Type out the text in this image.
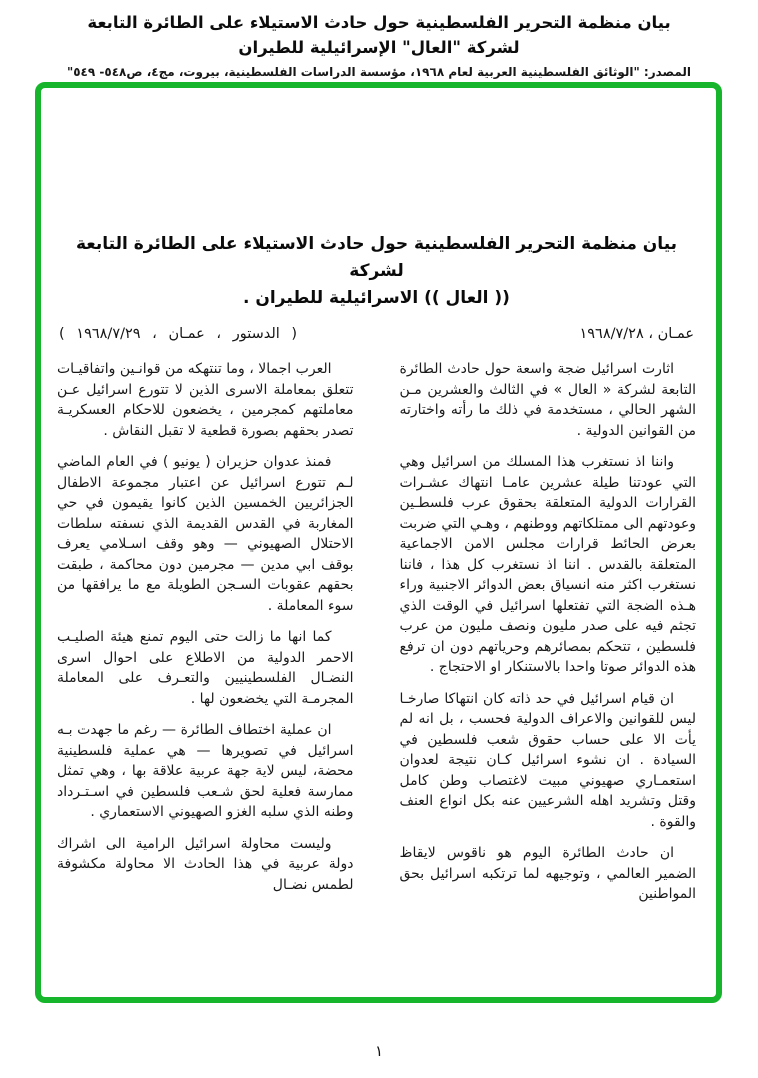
بيان منظمة التحرير الفلسطينية حول حادث الاستيلاء على الطائرة التابعة لشركة "العال" الإسرائيلية للطيران
المصدر: "الوثائق الفلسطينية العربية لعام ١٩٦٨، مؤسسة الدراسات الفلسطينية، بيروت، مج٤، ص٥٤٨- ٥٤٩"
بيان منظمة التحرير الفلسطينية حول حادث الاستيلاء على الطائرة التابعة لشركة
(( العال )) الاسرائيلية للطيران .
عمـان ، ١٩٦٨/٧/٢٨
( الدستور ، عمـان ، ١٩٦٨/٧/٢٩ )

اثارت اسرائيل ضجة واسعة حول حادث الطائرة التابعة لشركة « العال » في الثالث والعشرين مـن الشهر الحالي ، مستخدمة في ذلك ما رأته واختارته من القوانين الدولية .

واننا اذ نستغرب هذا المسلك من اسرائيل وهي التي عودتنا طيلة عشرين عامـا انتهاك عشـرات القرارات الدولية المتعلقة بحقوق عرب فلسطـين وعودتهم الى ممتلكاتهم ووطنهم ، وهـي التي ضربت بعرض الحائط قرارات مجلس الامن الاجماعية المتعلقة بالقدس . اننا اذ نستغرب كل هذا ، فاننا نستغرب اكثر منه انسياق بعض الدوائر الاجنبية وراء هـذه الضجة التي تفتعلها اسرائيل في الوقت الذي تجثم فيه على صدر مليون ونصف مليون من عرب فلسطين ، تتحكم بمصائرهم وحرياتهم دون ان ترفع هذه الدوائر صوتا واحدا بالاستنكار او الاحتجاج .

ان قيام اسرائيل في حد ذاته كان انتهاكا صارخـا ليس للقوانين والاعراف الدولية فحسب ، بل انه لم يأت الا على حساب حقوق شعب فلسطين في السيادة . ان نشوء اسرائيل كـان نتيجة لعدوان استعمـاري صهيوني مبيت لاغتصاب وطن كامل وقتل وتشريد اهله الشرعيين عنه بكل انواع العنف والقوة .

ان حادث الطائرة اليوم هو ناقوس لايقاظ الضمير العالمي ، وتوجيهه لما ترتكبه اسرائيل بحق المواطنين

العرب اجمالا ، وما تنتهكه من قوانـين واتفاقيـات تتعلق بمعاملة الاسرى الذين لا تتورع اسرائيل عـن معاملتهم كمجرمين ، يخضعون للاحكام العسكريـة تصدر بحقهم بصورة قطعية لا تقبل النقاش .

فمنذ عدوان حزيران ( يونيو ) في العام الماضي لـم تتورع اسرائيل عن اعتبار مجموعة الاطفال الجزائريين الخمسين الذين كانوا يقيمون في حي المغاربة في القدس القديمة الذي نسفته سلطات الاحتلال الصهيوني — وهو وقف اسـلامي يعرف بوقف ابي مدين — مجرمين دون محاكمة ، طبقت بحقهم عقوبات السـجن الطويلة مع ما يرافقها من سوء المعاملة .

كما انها ما زالت حتى اليوم تمنع هيئة الصليـب الاحمر الدولية من الاطلاع على احوال اسرى النضـال الفلسطينيين والتعـرف على المعاملة المجرمـة التي يخضعون لها .

ان عملية اختطاف الطائرة — رغم ما جهدت بـه اسرائيل في تصويرها — هي عملية فلسطينية محضة، ليس لاية جهة عربية علاقة بها ، وهي تمثل ممارسة فعلية لحق شـعب فلسطين في اسـتـرداد وطنه الذي سلبه الغزو الصهيوني الاستعماري .

وليست محاولة اسرائيل الرامية الى اشراك دولة عربية في هذا الحادث الا محاولة مكشوفة لطمس نضـال

١
